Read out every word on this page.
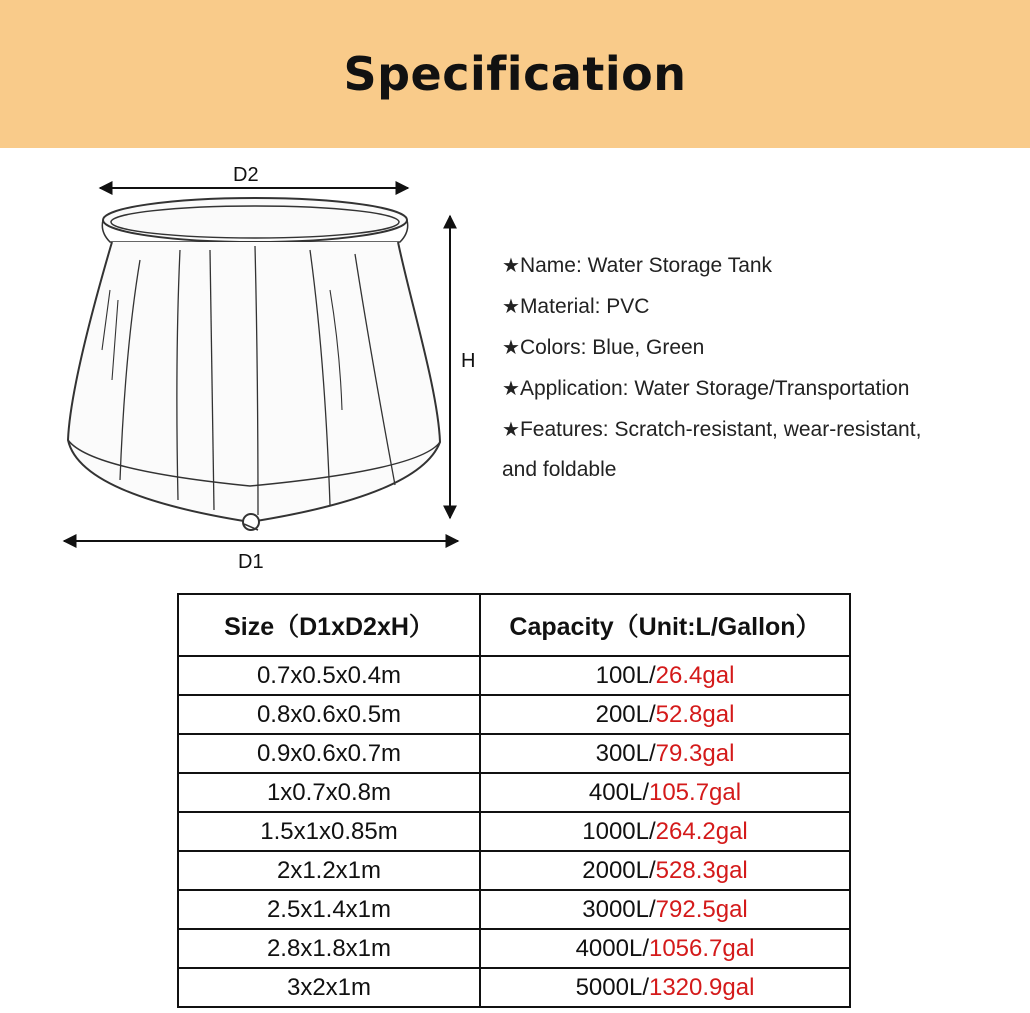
Specification
D2
H
D1
★Name: Water Storage Tank
★Material: PVC
★Colors: Blue, Green
★Application: Water Storage/Transportation
★Features: Scratch-resistant, wear-resistant,
and foldable
Size（D1xD2xH）	Capacity（Unit:L/Gallon）
0.7x0.5x0.4m	100L/26.4gal
0.8x0.6x0.5m	200L/52.8gal
0.9x0.6x0.7m	300L/79.3gal
1x0.7x0.8m	400L/105.7gal
1.5x1x0.85m	1000L/264.2gal
2x1.2x1m	2000L/528.3gal
2.5x1.4x1m	3000L/792.5gal
2.8x1.8x1m	4000L/1056.7gal
3x2x1m	5000L/1320.9gal
